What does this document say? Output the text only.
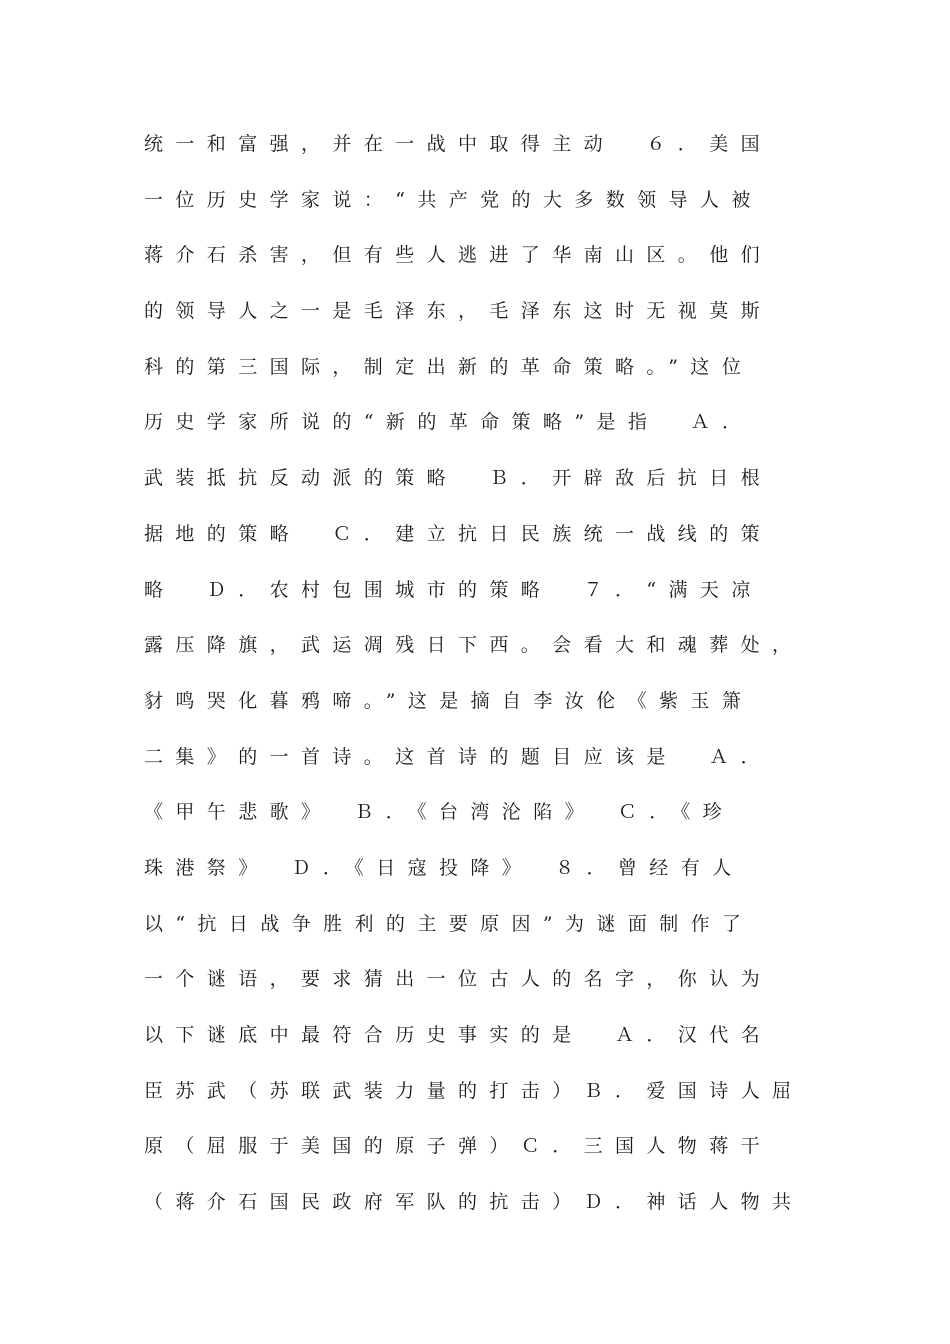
统一和富强，并在一战中取得主动　６．美国
一位历史学家说：“共产党的大多数领导人被
蒋介石杀害，但有些人逃进了华南山区。他们
的领导人之一是毛泽东，毛泽东这时无视莫斯
科的第三国际，制定出新的革命策略。”这位
历史学家所说的“新的革命策略”是指　Ａ．
武装抵抗反动派的策略　Ｂ．开辟敌后抗日根
据地的策略　Ｃ．建立抗日民族统一战线的策
略　Ｄ．农村包围城市的策略　７．“满天凉
露压降旗，武运凋残日下西。会看大和魂葬处，
豺鸣哭化暮鸦啼。”这是摘自李汝伦《紫玉箫
二集》的一首诗。这首诗的题目应该是　Ａ．
《甲午悲歌》　Ｂ．《台湾沦陷》　Ｃ．《珍
珠港祭》　Ｄ．《日寇投降》　８．曾经有人
以“抗日战争胜利的主要原因”为谜面制作了
一个谜语，要求猜出一位古人的名字，你认为
以下谜底中最符合历史事实的是　Ａ．汉代名
臣苏武（苏联武装力量的打击）Ｂ．爱国诗人屈
原（屈服于美国的原子弹）Ｃ．三国人物蒋干
（蒋介石国民政府军队的抗击）Ｄ．神话人物共
